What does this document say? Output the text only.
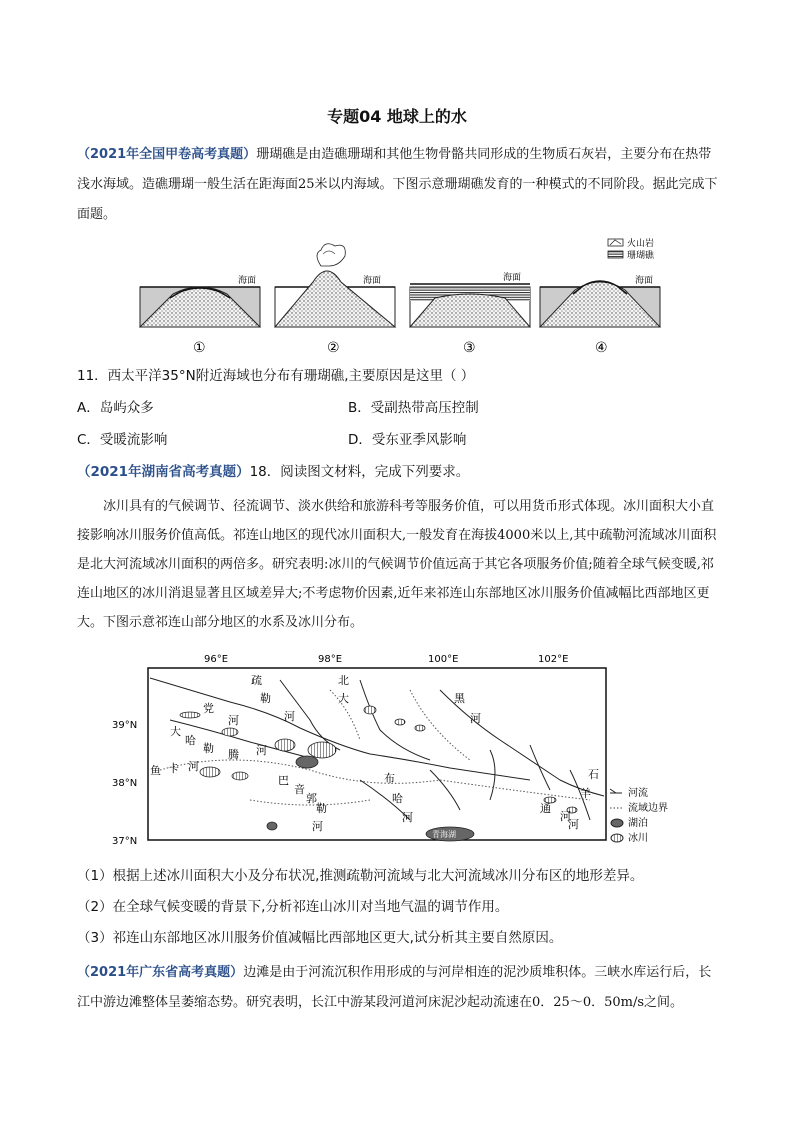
专题04 地球上的水

（2021年全国甲卷高考真题）珊瑚礁是由造礁珊瑚和其他生物骨骼共同形成的生物质石灰岩，主要分布在热带浅水海域。造礁珊瑚一般生活在距海面25米以内海域。下图示意珊瑚礁发育的一种模式的不同阶段。据此完成下面题。

火山岩
珊瑚礁
海面
①
海面
②
海面
③
海面
④

11．西太平洋35°N附近海域也分布有珊瑚礁,主要原因是这里（ ）

A．岛屿众多	B．受副热带高压控制

C．受暖流影响	D．受东亚季风影响

（2021年湖南省高考真题）18．阅读图文材料，完成下列要求。

冰川具有的气候调节、径流调节、淡水供给和旅游科考等服务价值，可以用货币形式体现。冰川面积大小直接影响冰川服务价值高低。祁连山地区的现代冰川面积大,一般发育在海拔4000米以上,其中疏勒河流域冰川面积是北大河流域冰川面积的两倍多。研究表明:冰川的气候调节价值远高于其它各项服务价值;随着全球气候变暖,祁连山地区的冰川消退显著且区域差异大;不考虑物价因素,近年来祁连山东部地区冰川服务价值减幅比西部地区更大。下图示意祁连山部分地区的水系及冰川分布。

96°E	98°E	100°E	102°E
39°N
38°N
37°N
青海湖
疏
勒
党
河
大
哈
勒 腾 河
北
大
河
黑
河
鱼 卡 河
巴
音
郭
勒
河
布
哈
河
石
羊
河
通
河
河流
流域边界
湖泊
冰川

（1）根据上述冰川面积大小及分布状况,推测疏勒河流域与北大河流域冰川分布区的地形差异。

（2）在全球气候变暖的背景下,分析祁连山冰川对当地气温的调节作用。

（3）祁连山东部地区冰川服务价值减幅比西部地区更大,试分析其主要自然原因。

（2021年广东省高考真题）边滩是由于河流沉积作用形成的与河岸相连的泥沙质堆积体。三峡水库运行后，长江中游边滩整体呈萎缩态势。研究表明，长江中游某段河道河床泥沙起动流速在0．25～0．50m/s之间。
